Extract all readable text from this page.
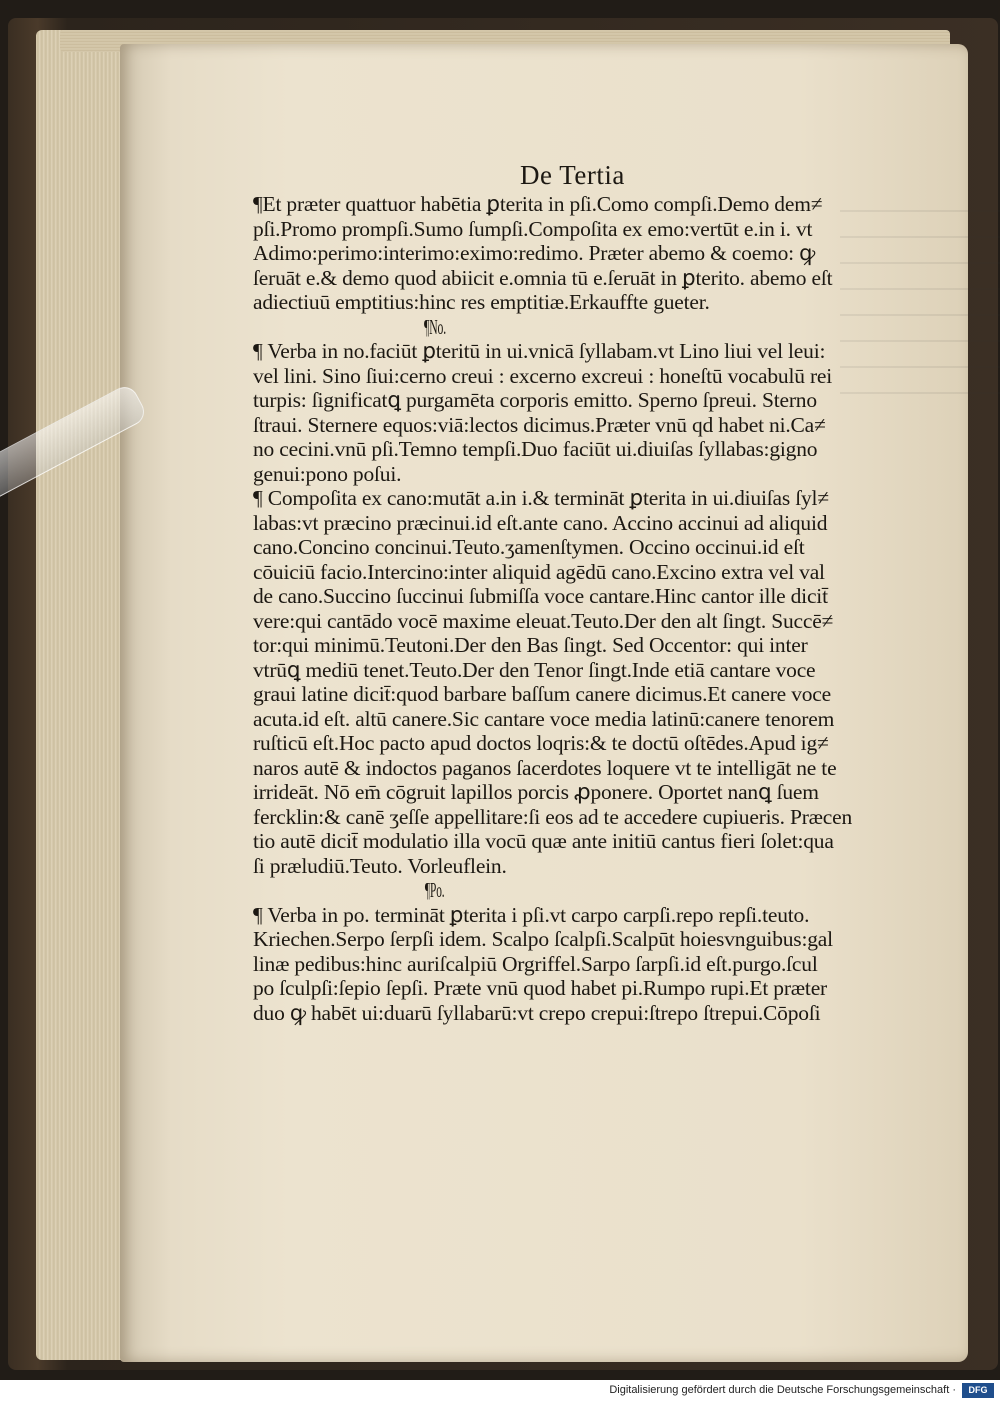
De Tertia
¶Et præter quattuor habētia ꝑterita in pſi.Como compſi.Demo dem≠
pſi.Promo prompſi.Sumo ſumpſi.Compoſita ex emo:vertūt e.in i. vt
Adimo:perimo:interimo:eximo:redimo. Præter abemo & coemo: ꝙ
ſeruāt e.& demo quod abiicit e.omnia tū e.ſeruāt in ꝑterito. abemo eſt
adiectiuū emptitius:hinc res emptitiæ.Erkauffte gueter.
¶No.
¶ Verba in no.faciūt ꝑteritū in ui.vnicā ſyllabam.vt Lino liui vel leui:
vel lini. Sino ſiui:cerno creui : excerno excreui : honeſtū vocabulū rei
turpis: ſignificatꝗ purgamēta corporis emitto. Sperno ſpreui. Sterno
ſtraui. Sternere equos:viā:lectos dicimus.Præter vnū qd habet ni.Ca≠
no cecini.vnū pſi.Temno tempſi.Duo faciūt ui.diuiſas ſyllabas:gigno
genui:pono poſui.
¶ Compoſita ex cano:mutāt a.in i.& termināt ꝑterita in ui.diuiſas ſyl≠
labas:vt præcino præcinui.id eſt.ante cano. Accino accinui ad aliquid
cano.Concino concinui.Teuto.ʒamenſtymen. Occino occinui.id eſt
cōuiciū facio.Intercino:inter aliquid agēdū cano.Excino extra vel val
de cano.Succino ſuccinui ſubmiſſa voce cantare.Hinc cantor ille dicit̄
vere:qui cantādo vocē maxime eleuat.Teuto.Der den alt ſingt. Succē≠
tor:qui minimū.Teutoni.Der den Bas ſingt. Sed Occentor: qui inter
vtrūꝗ mediū tenet.Teuto.Der den Tenor ſingt.Inde etiā cantare voce
graui latine dicit̄:quod barbare baſſum canere dicimus.Et canere voce
acuta.id eſt. altū canere.Sic cantare voce media latinū:canere tenorem
ruſticū eſt.Hoc pacto apud doctos loqris:& te doctū oſtēdes.Apud ig≠
naros autē & indoctos paganos ſacerdotes loquere vt te intelligāt ne te
irrideāt. Nō em̄ cōgruit lapillos porcis ꝓponere. Oportet nanꝗ ſuem
fercklin:& canē ʒeſſe appellitare:ſi eos ad te accedere cupiueris. Præcen
tio autē dicit̄ modulatio illa vocū quæ ante initiū cantus fieri ſolet:qua
ſi præludiū.Teuto. Vorleuflein.
¶Po.
¶ Verba in po. termināt ꝑterita i pſi.vt carpo carpſi.repo repſi.teuto.
Kriechen.Serpo ſerpſi idem. Scalpo ſcalpſi.Scalpūt hoiesvnguibus:gal
linæ pedibus:hinc auriſcalpiū Orgriffel.Sarpo ſarpſi.id eſt.purgo.ſcul
po ſculpſi:ſepio ſepſi. Præte vnū quod habet pi.Rumpo rupi.Et præter
duo ꝙ habēt ui:duarū ſyllabarū:vt crepo crepui:ſtrepo ſtrepui.Cōpoſi
Digitalisierung gefördert durch die Deutsche Forschungsgemeinschaft ·	DFG
